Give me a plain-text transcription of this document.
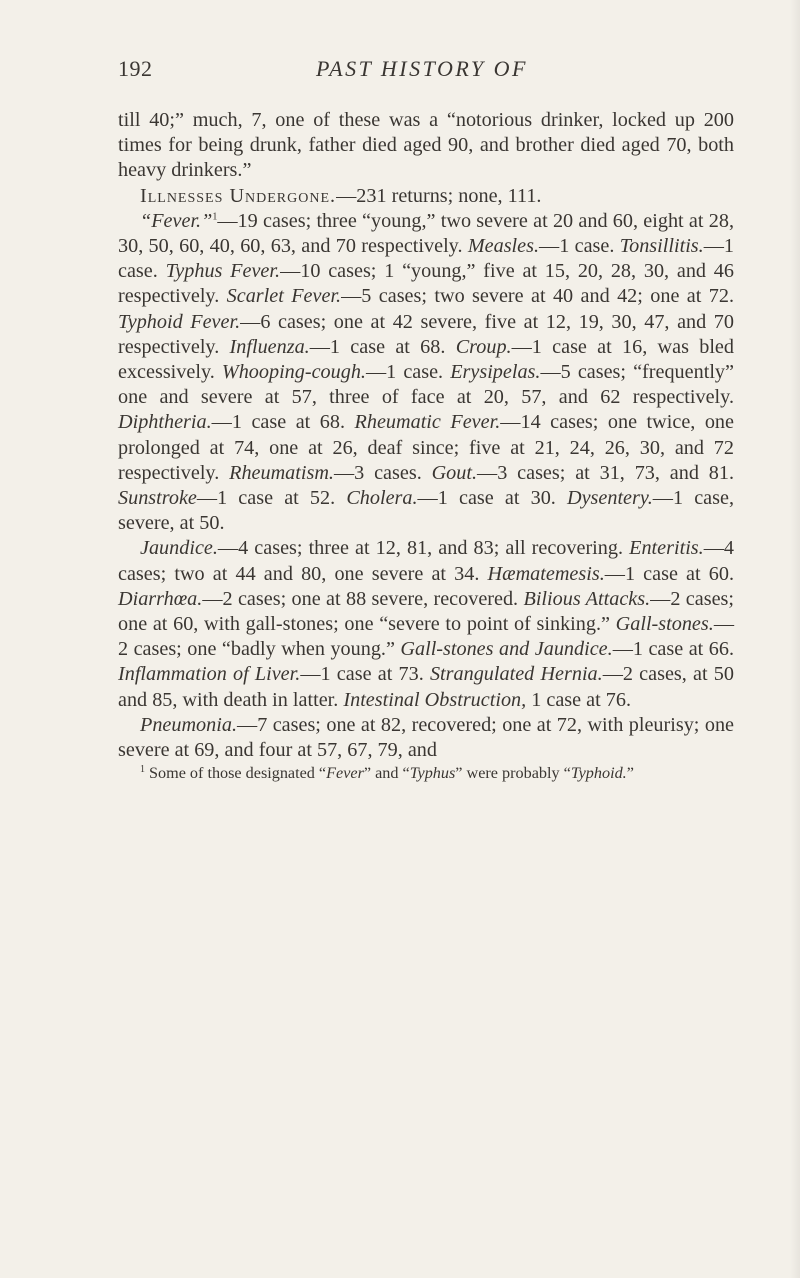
192	PAST HISTORY OF

till 40;” much, 7, one of these was a “notorious drinker, locked up 200 times for being drunk, father died aged 90, and brother died aged 70, both heavy drinkers.”

Illnesses Undergone.—231 returns; none, 111.

“Fever.”$^1$—19 cases; three “young,” two severe at 20 and 60, eight at 28, 30, 50, 60, 40, 60, 63, and 70 respectively. Measles.—1 case. Tonsillitis.—1 case. Typhus Fever.—10 cases; 1 “young,” five at 15, 20, 28, 30, and 46 respectively. Scarlet Fever.—5 cases; two severe at 40 and 42; one at 72. Typhoid Fever.—6 cases; one at 42 severe, five at 12, 19, 30, 47, and 70 respectively. Influenza.—1 case at 68. Croup.—1 case at 16, was bled excessively. Whooping-cough.—1 case. Erysipelas.—5 cases; “frequently” one and severe at 57, three of face at 20, 57, and 62 respectively. Diphtheria.—1 case at 68. Rheumatic Fever.—14 cases; one twice, one prolonged at 74, one at 26, deaf since; five at 21, 24, 26, 30, and 72 respectively. Rheumatism.—3 cases. Gout.—3 cases; at 31, 73, and 81. Sunstroke—1 case at 52. Cholera.—1 case at 30. Dysentery.—1 case, severe, at 50.

Jaundice.—4 cases; three at 12, 81, and 83; all recovering. Enteritis.—4 cases; two at 44 and 80, one severe at 34. Hæmatemesis.—1 case at 60. Diarrhœa.—2 cases; one at 88 severe, recovered. Bilious Attacks.—2 cases; one at 60, with gall-stones; one “severe to point of sinking.” Gall-stones.—2 cases; one “badly when young.” Gall-stones and Jaundice.—1 case at 66. Inflammation of Liver.—1 case at 73. Strangulated Hernia.—2 cases, at 50 and 85, with death in latter. Intestinal Obstruction, 1 case at 76.

Pneumonia.—7 cases; one at 82, recovered; one at 72, with pleurisy; one severe at 69, and four at 57, 67, 79, and

$^1$ Some of those designated “Fever” and “Typhus” were probably “Typhoid.”
